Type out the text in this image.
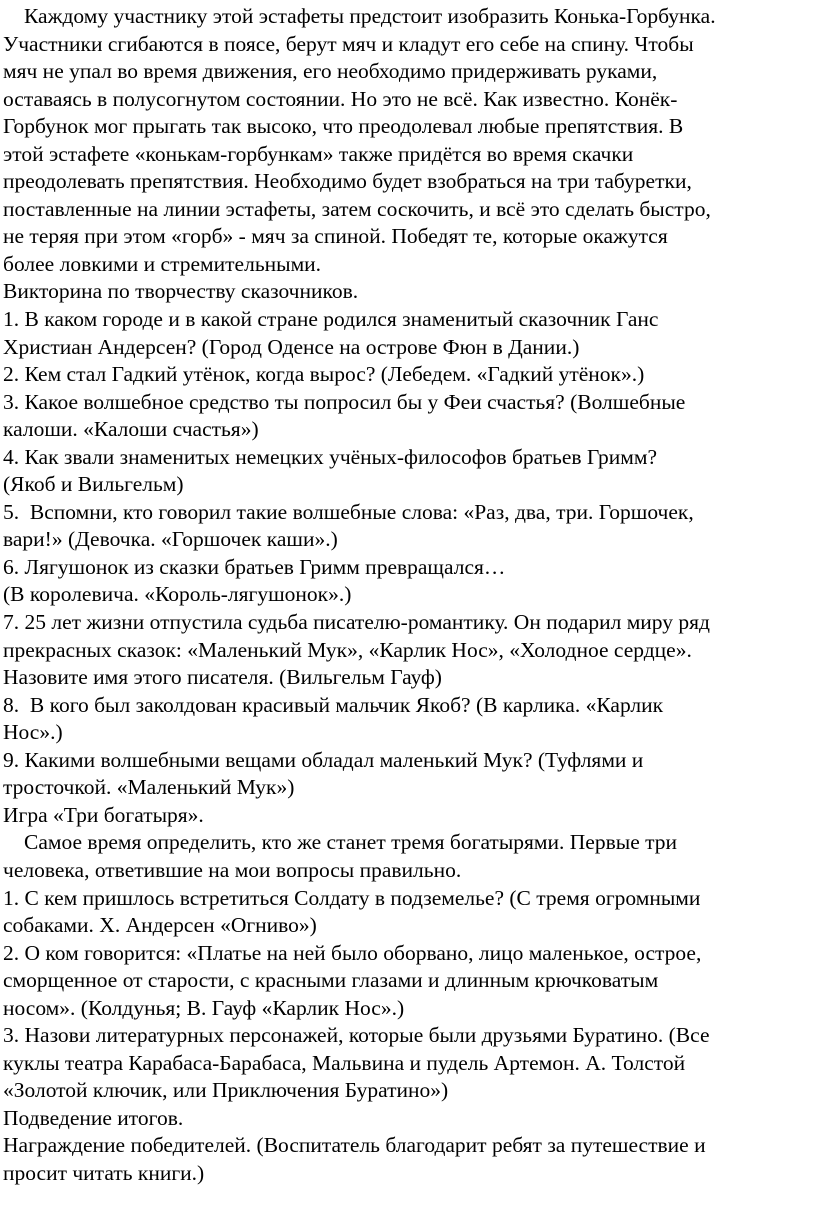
Каждому участнику этой эстафеты предстоит изобразить Конька-Горбунка.
Участники сгибаются в поясе, берут мяч и кладут его себе на спину. Чтобы
мяч не упал во время движения, его необходимо придерживать руками,
оставаясь в полусогнутом состоянии. Но это не всё. Как известно. Конёк-
Горбунок мог прыгать так высоко, что преодолевал любые препятствия. В
этой эстафете «конькам-горбункам» также придётся во время скачки
преодолевать препятствия. Необходимо будет взобраться на три табуретки,
поставленные на линии эстафеты, затем соскочить, и всё это сделать быстро,
не теряя при этом «горб» - мяч за спиной. Победят те, которые окажутся
более ловкими и стремительными.
Викторина по творчеству сказочников.
1. В каком городе и в какой стране родился знаменитый сказочник Ганс
Христиан Андерсен? (Город Оденсе на острове Фюн в Дании.)
2. Кем стал Гадкий утёнок, когда вырос? (Лебедем. «Гадкий утёнок».)
3. Какое волшебное средство ты попросил бы у Феи счастья? (Волшебные
калоши. «Калоши счастья»)
4. Как звали знаменитых немецких учёных-философов братьев Гримм?
(Якоб и Вильгельм)
5.  Вспомни, кто говорил такие волшебные слова: «Раз, два, три. Горшочек,
вари!» (Девочка. «Горшочек каши».)
6. Лягушонок из сказки братьев Гримм превращался…
(В королевича. «Король-лягушонок».)
7. 25 лет жизни отпустила судьба писателю-романтику. Он подарил миру ряд
прекрасных сказок: «Маленький Мук», «Карлик Нос», «Холодное сердце».
Назовите имя этого писателя. (Вильгельм Гауф)
8.  В кого был заколдован красивый мальчик Якоб? (В карлика. «Карлик
Нос».)
9. Какими волшебными вещами обладал маленький Мук? (Туфлями и
тросточкой. «Маленький Мук»)
Игра «Три богатыря».
Самое время определить, кто же станет тремя богатырями. Первые три
человека, ответившие на мои вопросы правильно.
1. С кем пришлось встретиться Солдату в подземелье? (С тремя огромными
собаками. Х. Андерсен «Огниво»)
2. О ком говорится: «Платье на ней было оборвано, лицо маленькое, острое,
сморщенное от старости, с красными глазами и длинным крючковатым
носом». (Колдунья; В. Гауф «Карлик Нос».)
3. Назови литературных персонажей, которые были друзьями Буратино. (Все
куклы театра Карабаса-Барабаса, Мальвина и пудель Артемон. А. Толстой
«Золотой ключик, или Приключения Буратино»)
Подведение итогов.
Награждение победителей. (Воспитатель благодарит ребят за путешествие и
просит читать книги.)
